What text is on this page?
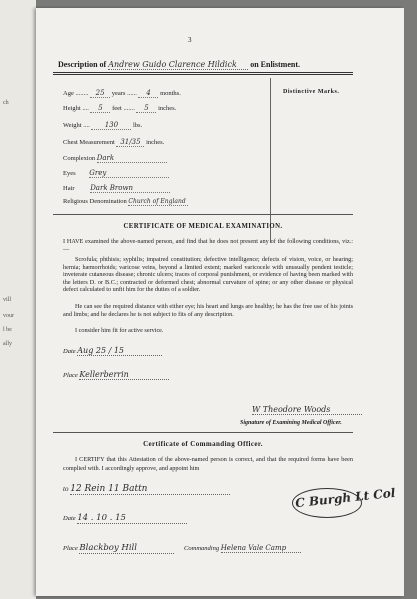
ch
vill
vour
l be
ally
3
Description of Andrew Guido Clarence Hildick on Enlistment.
Distinctive Marks.
Age ........ 25 years ...... 4 months.
Height .... 5 feet ....... 5 inches.
Weight .... 130 lbs.
Chest Measurement 31/35 inches.
Complexion Dark
Eyes Grey
Hair Dark Brown
Religious Denomination Church of England
CERTIFICATE OF MEDICAL EXAMINATION.
I HAVE examined the above-named person, and find that he does not present any of the following conditions, viz.:—
Scrofula; phthisis; syphilis; impaired constitution; defective intelligence; defects of vision, voice, or hearing; hernia; hæmorrhoids; varicose veins, beyond a limited extent; marked varicocele with unusually pendent testicle; inveterate cutaneous disease; chronic ulcers; traces of corporal punishment, or evidence of having been marked with the letters D. or B.C.; contracted or deformed chest; abnormal curvature of spine; or any other disease or physical defect calculated to unfit him for the duties of a soldier.
He can see the required distance with either eye; his heart and lungs are healthy; he has the free use of his joints and limbs; and he declares he is not subject to fits of any description.
I consider him fit for active service.
Date Aug 25 / 15
Place Kellerberrin
W Theodore Woods
Signature of Examining Medical Officer.
Certificate of Commanding Officer.
I CERTIFY that this Attestation of the above-named person is correct, and that the required forms have been complied with. I accordingly approve, and appoint him
to 12 Rein 11 Battn
Date 14 . 10 . 15
C Burgh Lt Col
Place Blackboy Hill	Commanding Helena Vale Camp
